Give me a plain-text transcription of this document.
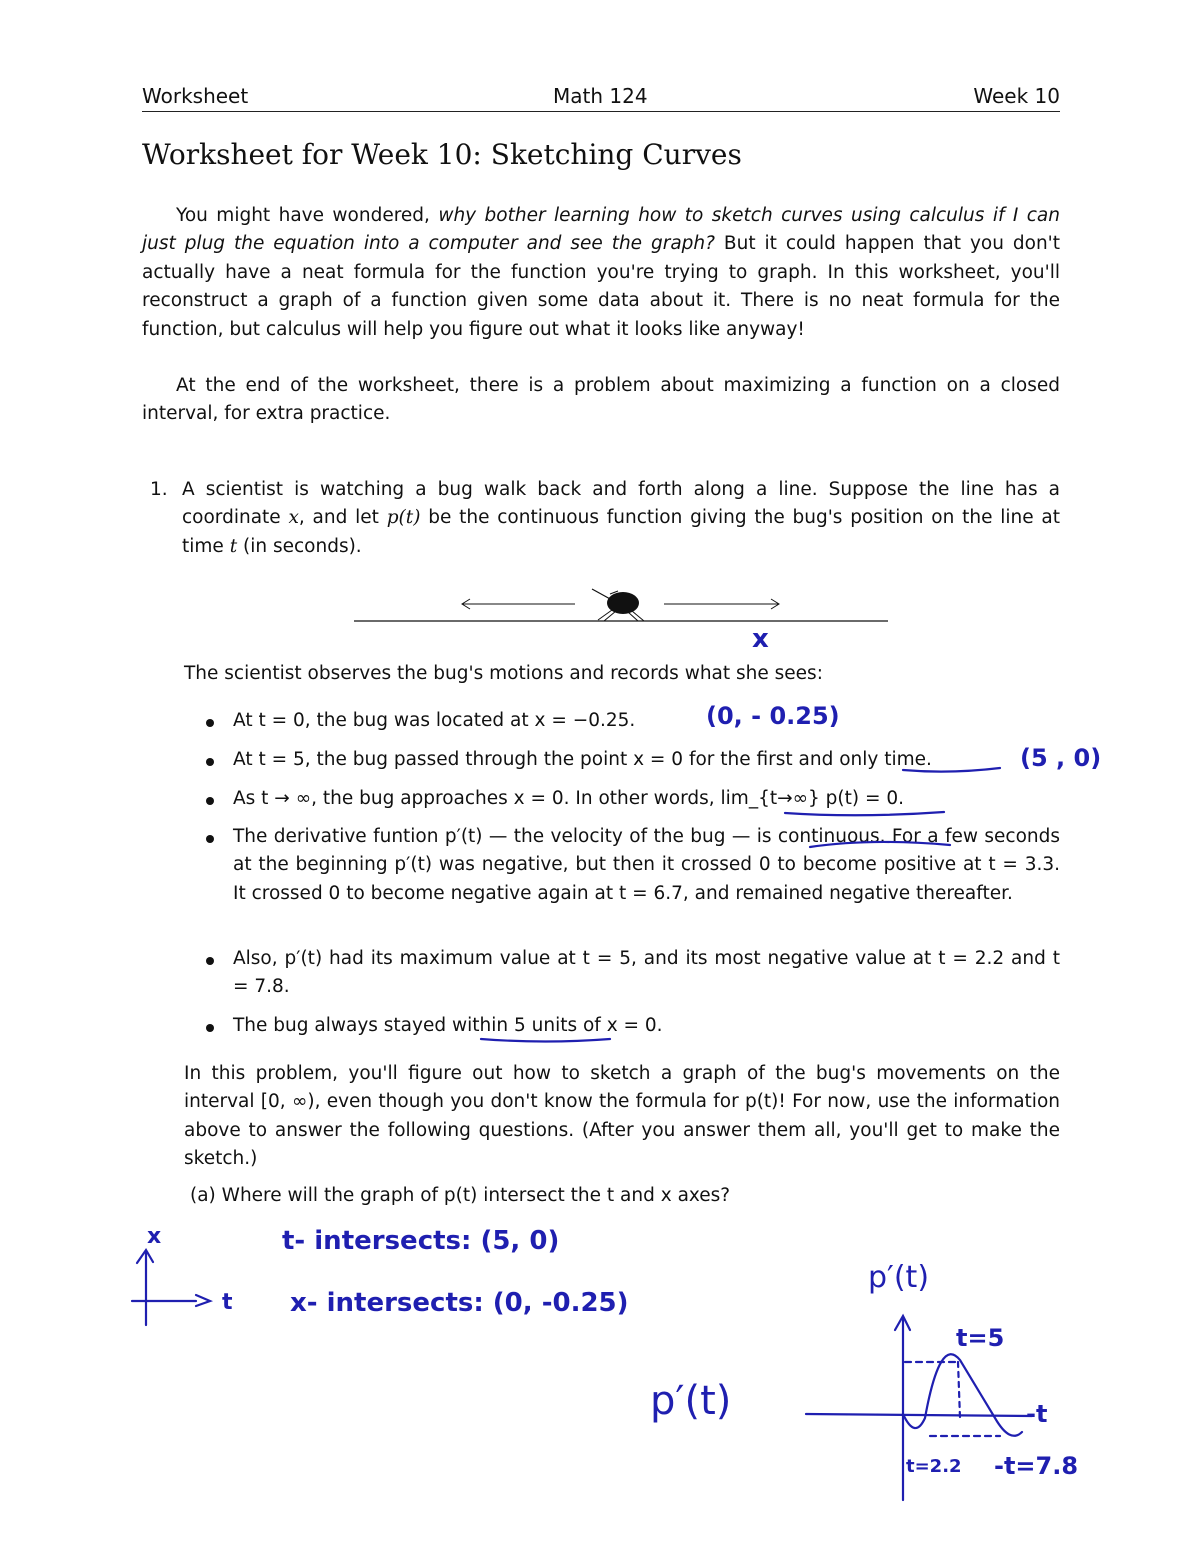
Worksheet	Math 124	Week 10
Worksheet for Week 10: Sketching Curves

You might have wondered, why bother learning how to sketch curves using calculus if I can just plug the equation into a computer and see the graph? But it could happen that you don't actually have a neat formula for the function you're trying to graph. In this worksheet, you'll reconstruct a graph of a function given some data about it. There is no neat formula for the function, but calculus will help you figure out what it looks like anyway!

At the end of the worksheet, there is a problem about maximizing a function on a closed interval, for extra practice.

1. A scientist is watching a bug walk back and forth along a line. Suppose the line has a coordinate x, and let p(t) be the continuous function giving the bug's position on the line at time t (in seconds).
The scientist observes the bug's motions and records what she sees:
At t = 0, the bug was located at x = −0.25.
At t = 5, the bug passed through the point x = 0 for the first and only time.
As t → ∞, the bug approaches x = 0. In other words, lim_{t→∞} p(t) = 0.
The derivative funtion p′(t) — the velocity of the bug — is continuous. For a few seconds at the beginning p′(t) was negative, but then it crossed 0 to become positive at t = 3.3. It crossed 0 to become negative again at t = 6.7, and remained negative thereafter.
Also, p′(t) had its maximum value at t = 5, and its most negative value at t = 2.2 and t = 7.8.
The bug always stayed within 5 units of x = 0.
In this problem, you'll figure out how to sketch a graph of the bug's movements on the interval [0, ∞), even though you don't know the formula for p(t)! For now, use the information above to answer the following questions. (After you answer them all, you'll get to make the sketch.)
(a) Where will the graph of p(t) intersect the t and x axes?
x
(0, - 0.25)
(5 , 0)
x
t
t- intersects: (5, 0)
x- intersects: (0, -0.25)
p′(t)
p′(t)
t=5
-t
t=2.2 -t=7.8
